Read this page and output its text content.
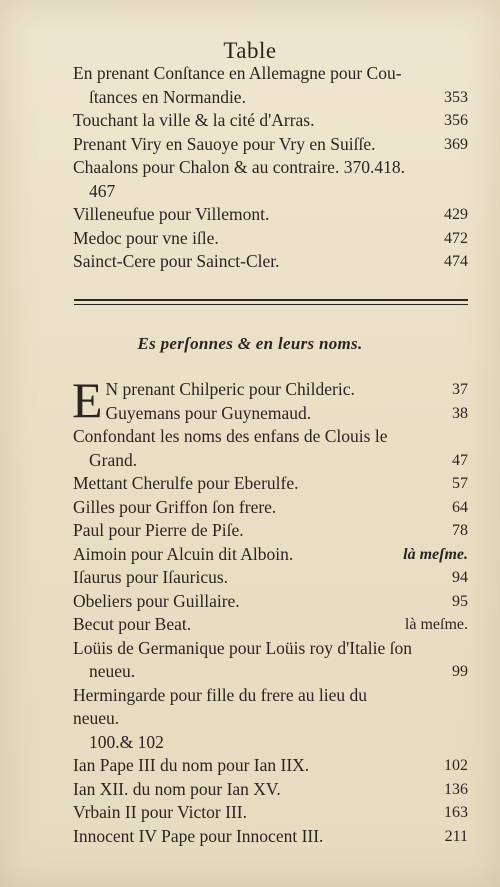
Table
En prenant Conſtance en Allemagne pour Cou-
ſtances en Normandie.	353
Touchant la ville & la cité d'Arras.	356
Prenant Viry en Sauoye pour Vry en Suiſſe.	369
Chaalons pour Chalon & au contraire. 370.418.
467
Villeneufue pour Villemont.	429
Medoc pour vne iſle.	472
Sainct-Cere pour Sainct-Cler.	474
Es perſonnes & en leurs noms.
E N prenant Chilperic pour Childeric.	37
Guyemans pour Guynemaud.	38
Confondant les noms des enfans de Clouis le
Grand.	47
Mettant Cherulfe pour Eberulfe.	57
Gilles pour Griffon ſon frere.	64
Paul pour Pierre de Piſe.	78
Aimoin pour Alcuin dit Alboin.	là meſme.
Iſaurus pour Iſauricus.	94
Obeliers pour Guillaire.	95
Becut pour Beat.	là meſme.
Loüis de Germanique pour Loüis roy d'Italie ſon
neueu.	99
Hermingarde pour fille du frere au lieu du neueu.
100.& 102
Ian Pape III du nom pour Ian IIX.	102
Ian XII. du nom pour Ian XV.	136
Vrbain II pour Victor III.	163
Innocent IV Pape pour Innocent III.	211
